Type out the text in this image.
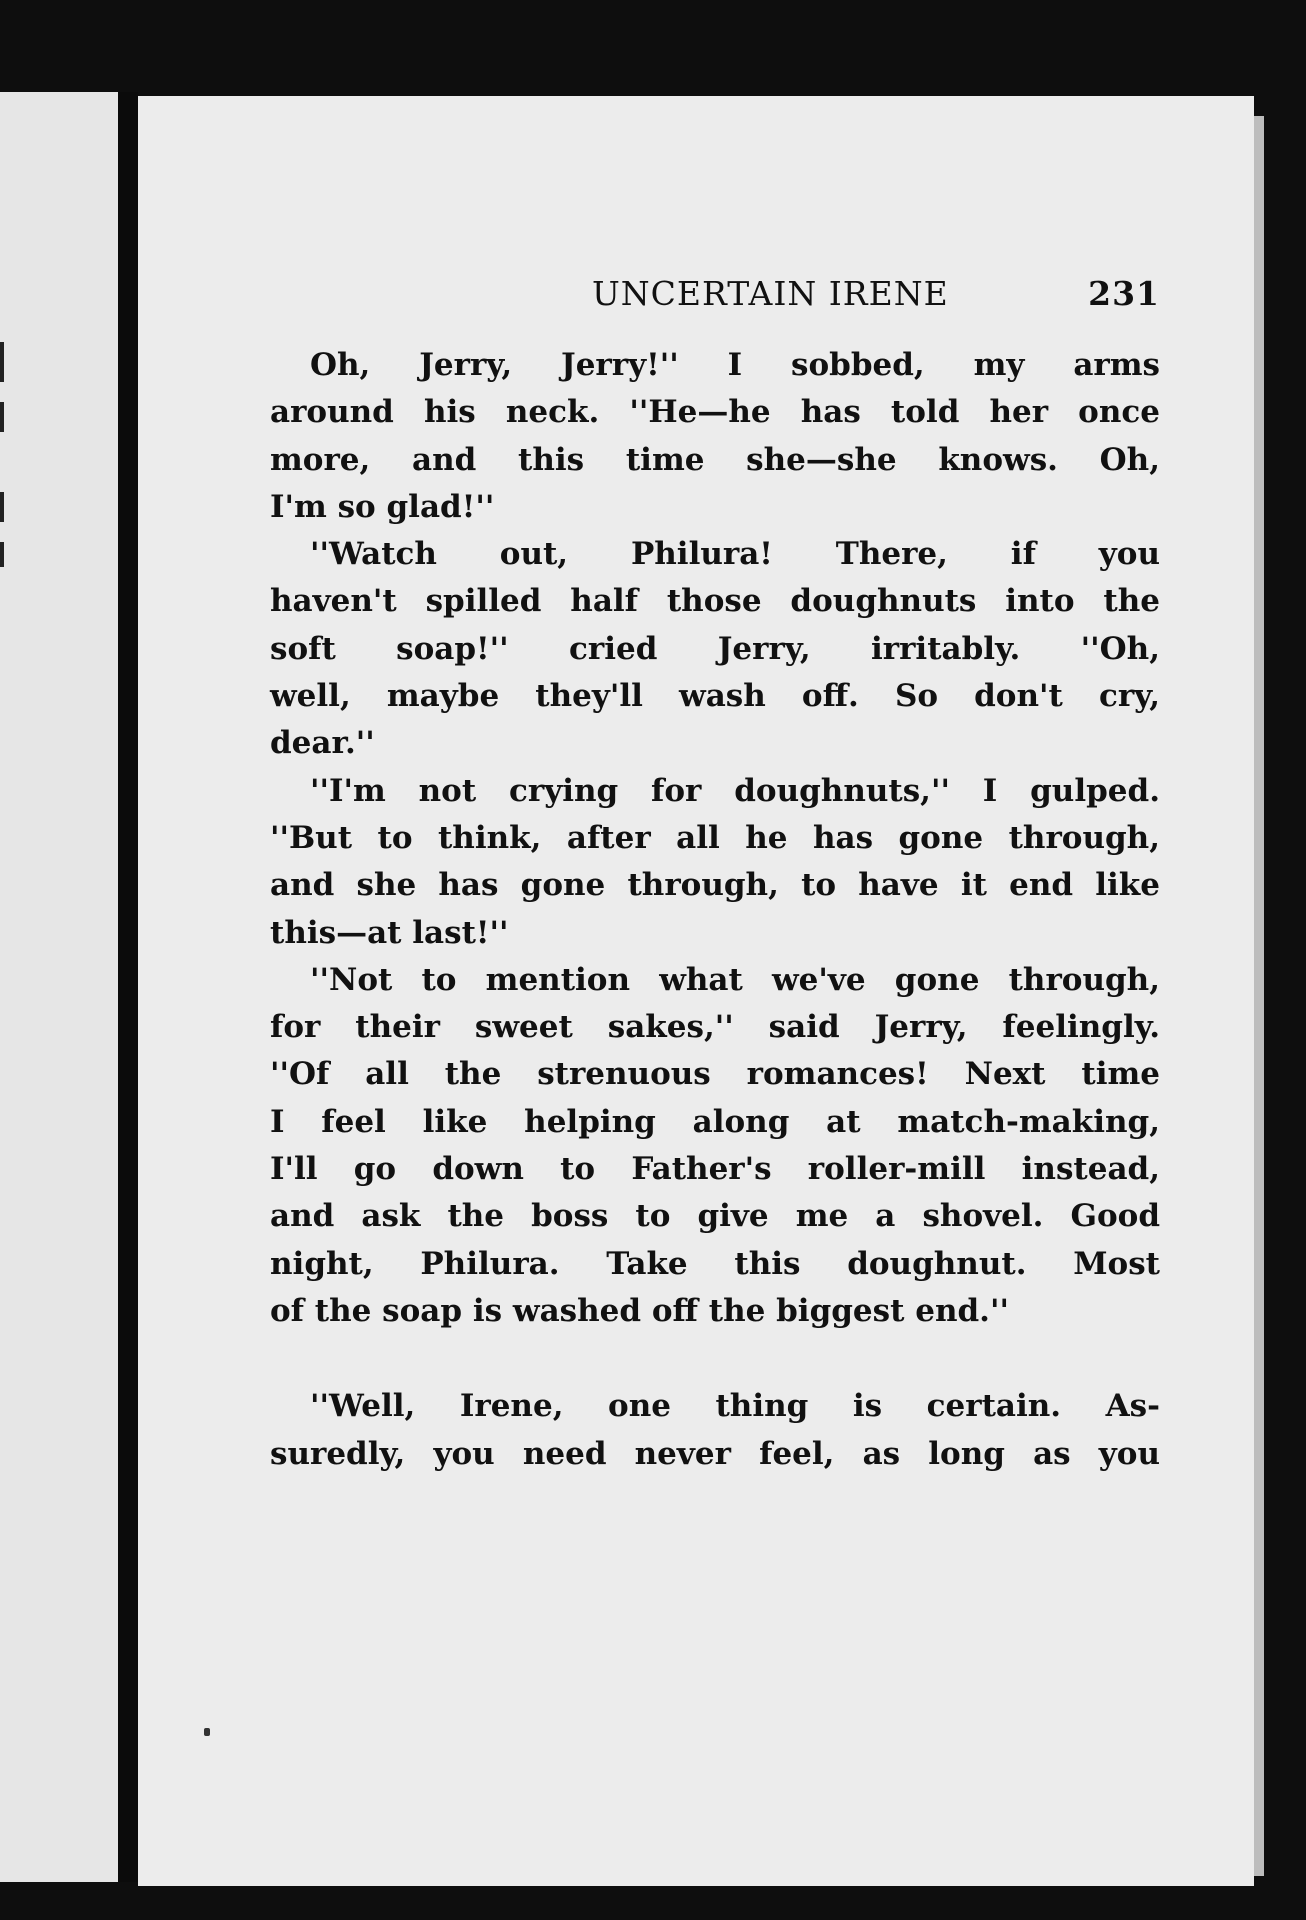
UNCERTAIN IRENE	231
Oh, Jerry, Jerry!'' I sobbed, my arms
around his neck. ''He—he has told her once
more, and this time she—she knows. Oh,
I'm so glad!''
''Watch out, Philura! There, if you
haven't spilled half those doughnuts into the
soft soap!'' cried Jerry, irritably. ''Oh,
well, maybe they'll wash off. So don't cry,
dear.''
''I'm not crying for doughnuts,'' I gulped.
''But to think, after all he has gone through,
and she has gone through, to have it end like
this—at last!''
''Not to mention what we've gone through,
for their sweet sakes,'' said Jerry, feelingly.
''Of all the strenuous romances! Next time
I feel like helping along at match-making,
I'll go down to Father's roller-mill instead,
and ask the boss to give me a shovel. Good
night, Philura. Take this doughnut. Most
of the soap is washed off the biggest end.''
''Well, Irene, one thing is certain. As-
suredly, you need never feel, as long as you
